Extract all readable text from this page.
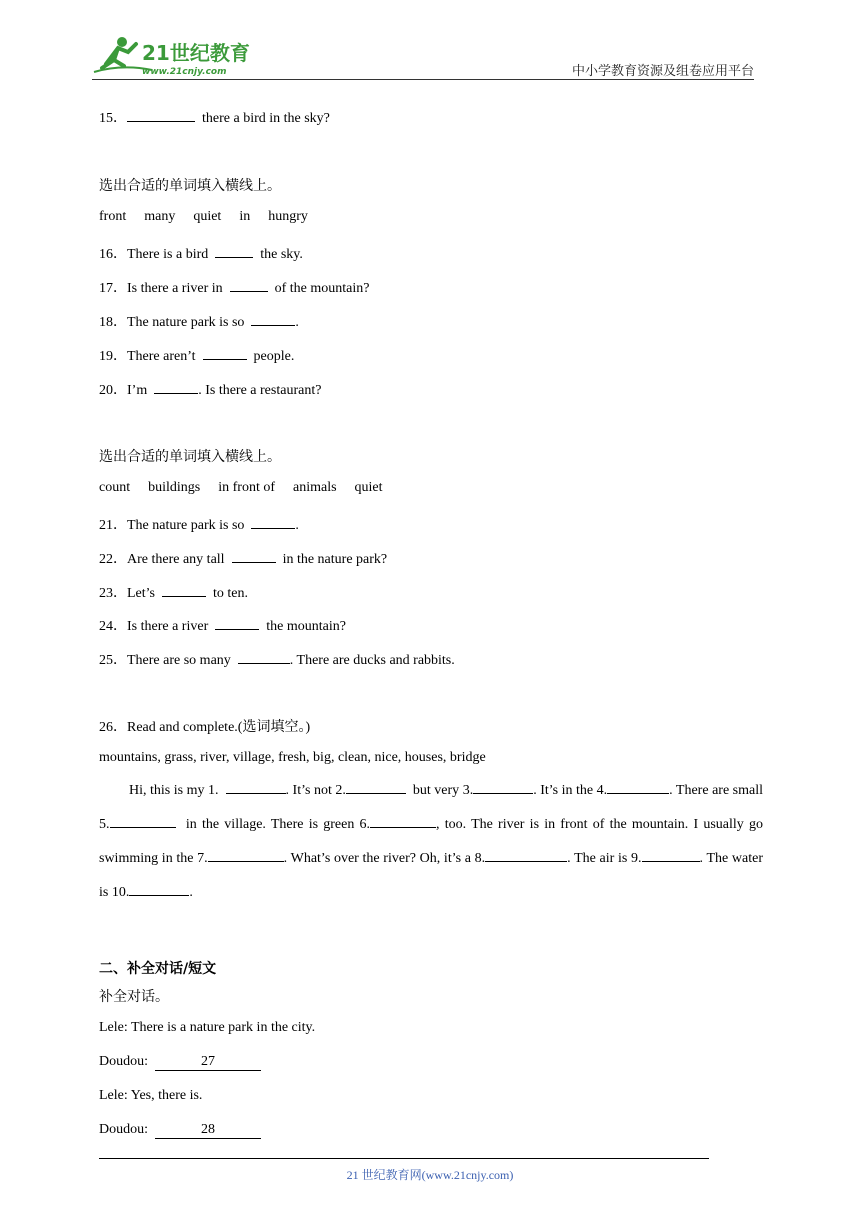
21世纪教育
www.21cnjy.com	中小学教育资源及组卷应用平台
15．	there a bird in the sky?
选出合适的单词填入横线上。
front many quiet in hungry
16．There is a bird	the sky.
17．Is there a river in	of the mountain?
18．The nature park is so	.
19．There aren’t	people.
20．I’m	. Is there a restaurant?
选出合适的单词填入横线上。
count buildings in front of animals quiet
21．The nature park is so	.
22．Are there any tall	in the nature park?
23．Let’s	to ten.
24．Is there a river	the mountain?
25．There are so many	. There are ducks and rabbits.
26．Read and complete.(选词填空。)
mountains, grass, river, village, fresh, big, clean, nice, houses, bridge
Hi, this is my 1.	. It’s not 2.	but very 3.	. It’s in the 4.	. There are small 5.	in the village. There is green 6.	, too. The river is in front of the mountain. I usually go swimming in the 7.	. What’s over the river? Oh, it’s a 8.	. The air is 9.	. The water is 10.	.
二、补全对话/短文
补全对话。
Lele: There is a nature park in the city.
Doudou:	27
Lele: Yes, there is.
Doudou:	28
21 世纪教育网(www.21cnjy.com)
